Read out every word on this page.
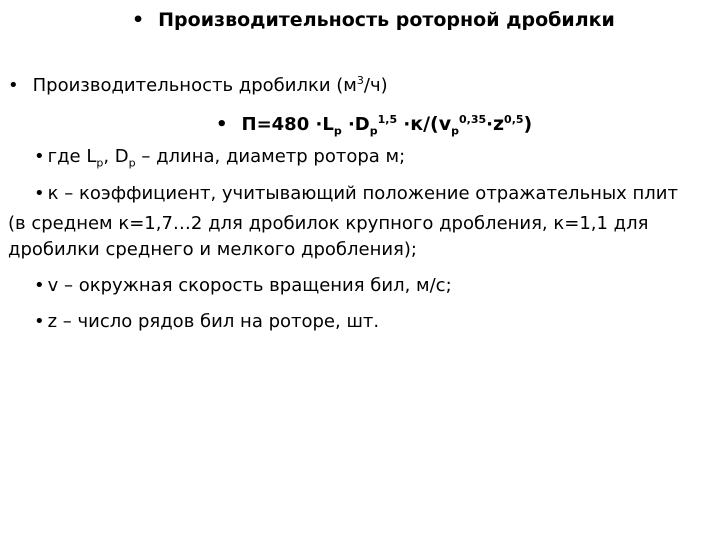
• Производительность роторной дробилки
• Производительность дробилки $(м^3/ч)$
• $П=480 \cdot L_p \cdot D_p^{1,5} \cdot к/(v_p^{0,35}\cdot z^{0,5})$
• где $L_p$, $D_p$ – длина, диаметр ротора м;
• к – коэффициент, учитывающий положение отражательных плит
(в среднем к=1,7…2 для дробилок крупного дробления, к=1,1 для
дробилки среднего и мелкого дробления);
• v – окружная скорость вращения бил, м/с;
• z – число рядов бил на роторе, шт.
